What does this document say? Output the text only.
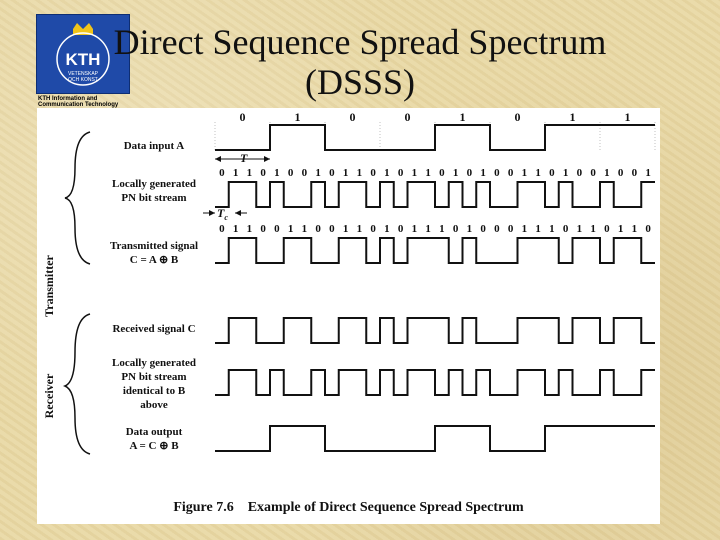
KTH
VETENSKAP
OCH KONST
KTH Information and
Communication Technology
Direct Sequence Spread Spectrum
(DSSS)
Transmitter
Receiver
Data input A
Locally generated
PN bit stream
Transmitted signal
C = A ⊕ B
Received signal C
Locally generated
PN bit stream
identical to B
above
Data output
A = C ⊕ B
T
$T_c$
0	1	0	0	1	0	1	1
0 1 1 0 1 0 0 1 0 1 1 0 1 0 1 1 0 1 0 1 0 0 1 1 0 1 0 0 1 0 0 1
0 1 1 0 0 1 1 0 0 1 1 0 1 0 1 1 1 0 1 0 0 0 1 1 1 0 1 1 0 1 1 0
Figure 7.6 Example of Direct Sequence Spread Spectrum
